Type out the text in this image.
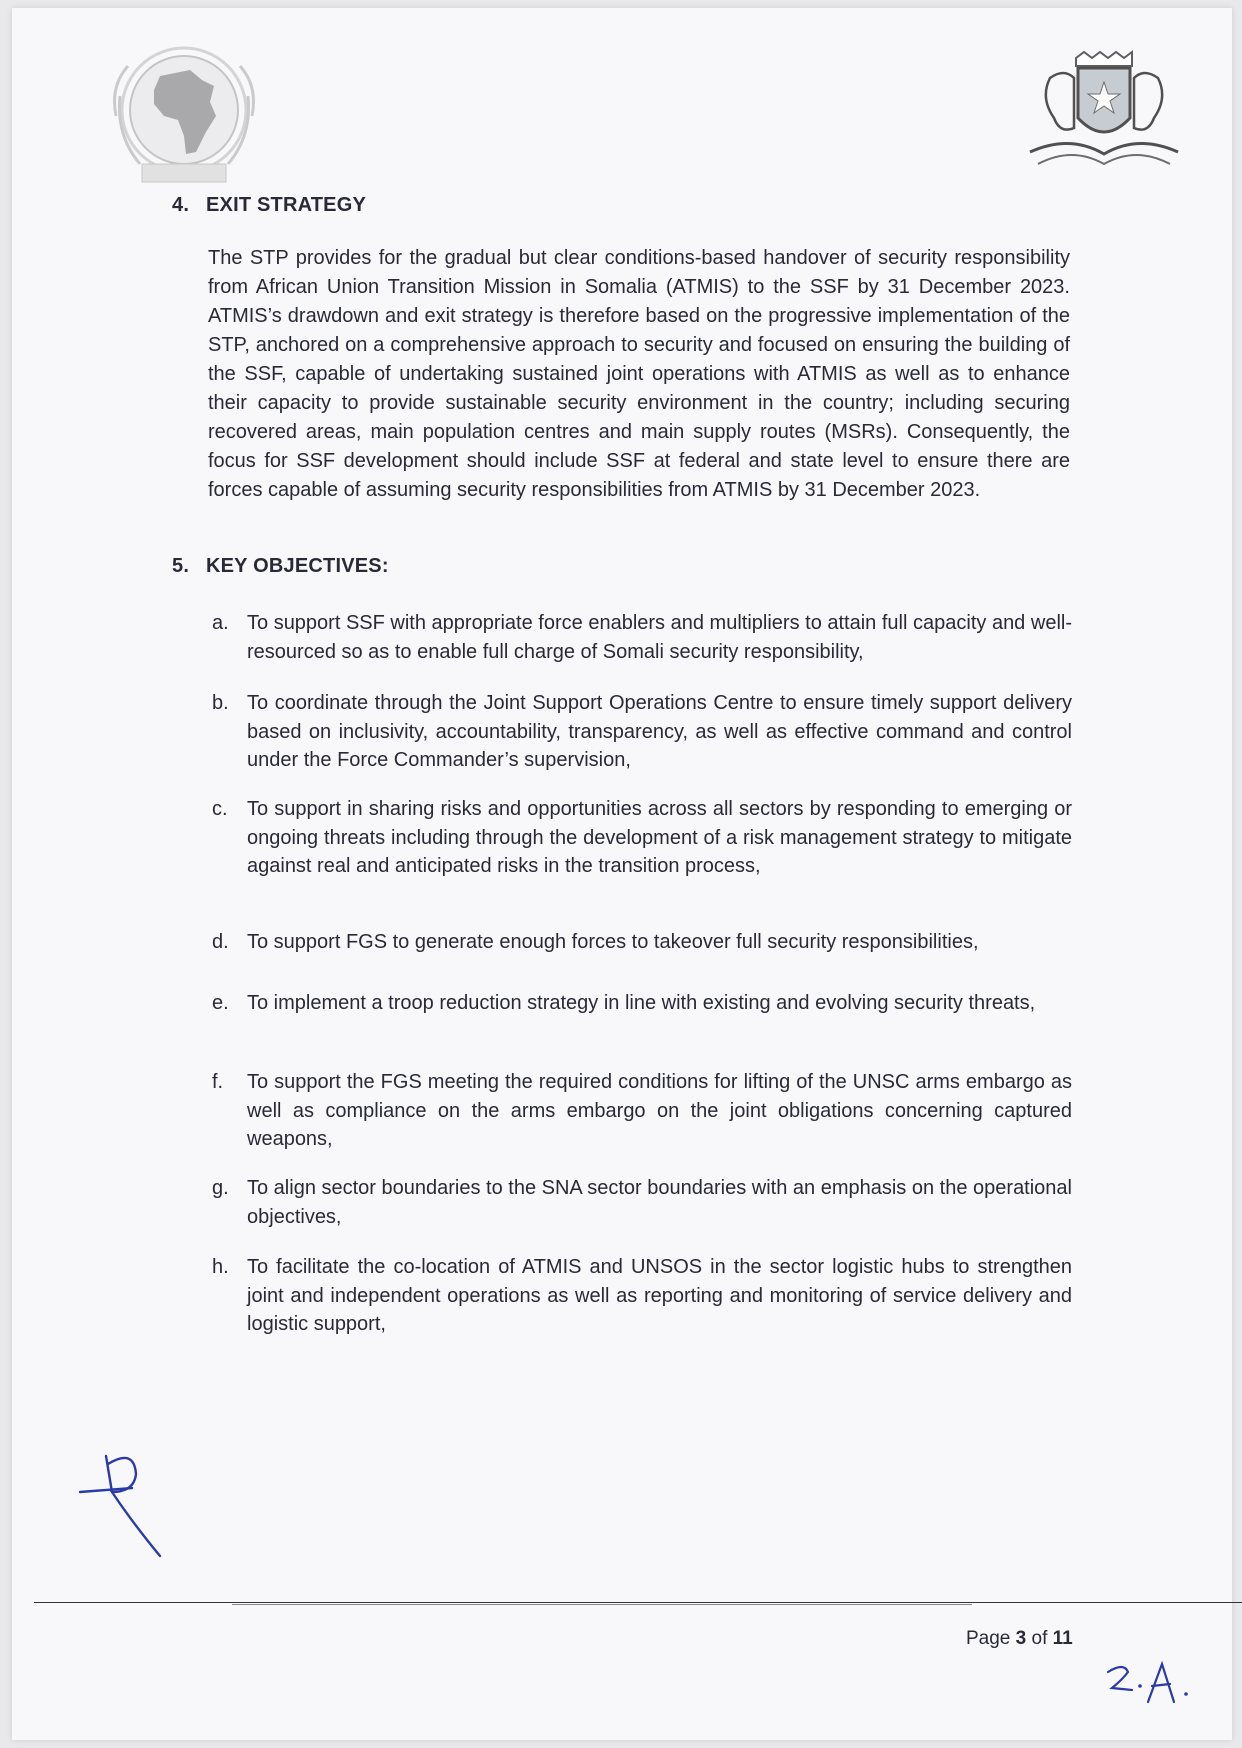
4. EXIT STRATEGY
The STP provides for the gradual but clear conditions-based handover of security responsibility from African Union Transition Mission in Somalia (ATMIS) to the SSF by 31 December 2023. ATMIS’s drawdown and exit strategy is therefore based on the progressive implementation of the STP, anchored on a comprehensive approach to security and focused on ensuring the building of the SSF, capable of undertaking sustained joint operations with ATMIS as well as to enhance their capacity to provide sustainable security environment in the country; including securing recovered areas, main population centres and main supply routes (MSRs). Consequently, the focus for SSF development should include SSF at federal and state level to ensure there are forces capable of assuming security responsibilities from ATMIS by 31 December 2023.
5. KEY OBJECTIVES:
a. To support SSF with appropriate force enablers and multipliers to attain full capacity and well-resourced so as to enable full charge of Somali security responsibility,
b. To coordinate through the Joint Support Operations Centre to ensure timely support delivery based on inclusivity, accountability, transparency, as well as effective command and control under the Force Commander’s supervision,
c. To support in sharing risks and opportunities across all sectors by responding to emerging or ongoing threats including through the development of a risk management strategy to mitigate against real and anticipated risks in the transition process,
d. To support FGS to generate enough forces to takeover full security responsibilities,
e. To implement a troop reduction strategy in line with existing and evolving security threats,
f.	To support the FGS meeting the required conditions for lifting of the UNSC arms embargo as well as compliance on the arms embargo on the joint obligations concerning captured weapons,
g. To align sector boundaries to the SNA sector boundaries with an emphasis on the operational objectives,
h. To facilitate the co-location of ATMIS and UNSOS in the sector logistic hubs to strengthen joint and independent operations as well as reporting and monitoring of service delivery and logistic support,
Page 3 of 11
